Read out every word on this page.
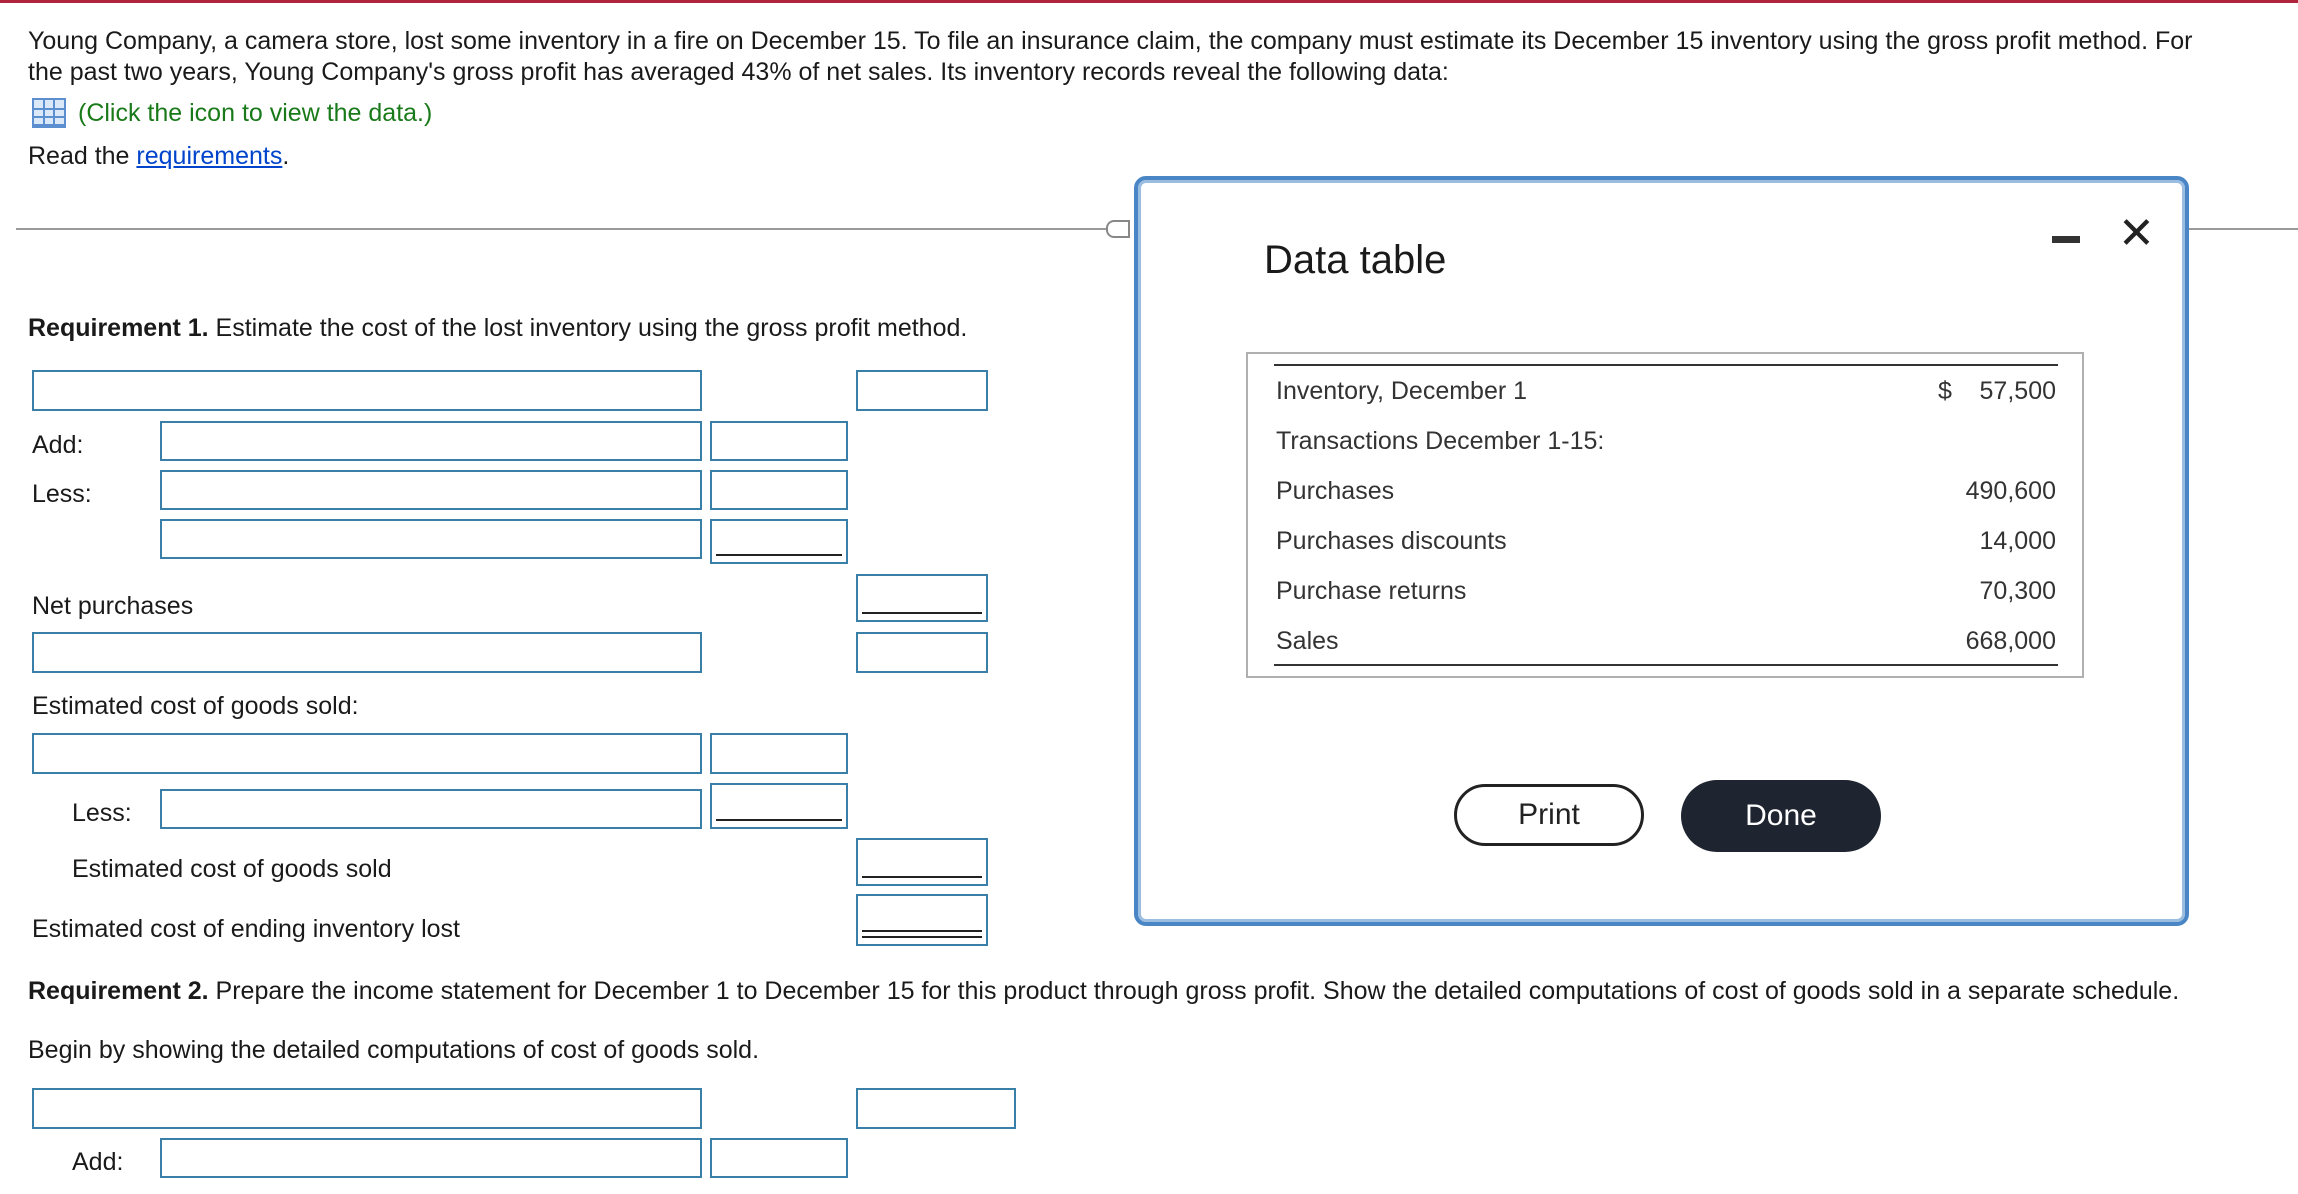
Young Company, a camera store, lost some inventory in a fire on December 15. To file an insurance claim, the company must estimate its December 15 inventory using the gross profit method. For
the past two years, Young Company's gross profit has averaged 43% of net sales. Its inventory records reveal the following data:
(Click the icon to view the data.)
Read the requirements.
Requirement 1. Estimate the cost of the lost inventory using the gross profit method.
Add:
Less:
Net purchases
Estimated cost of goods sold:
Less:
Estimated cost of goods sold
Estimated cost of ending inventory lost
Requirement 2. Prepare the income statement for December 1 to December 15 for this product through gross profit. Show the detailed computations of cost of goods sold in a separate schedule.
Begin by showing the detailed computations of cost of goods sold.
Add:
Data table
✕
Inventory, December 1	$ 57,500
Transactions December 1-15:
Purchases	490,600
Purchases discounts	14,000
Purchase returns	70,300
Sales	668,000
Print	Done
